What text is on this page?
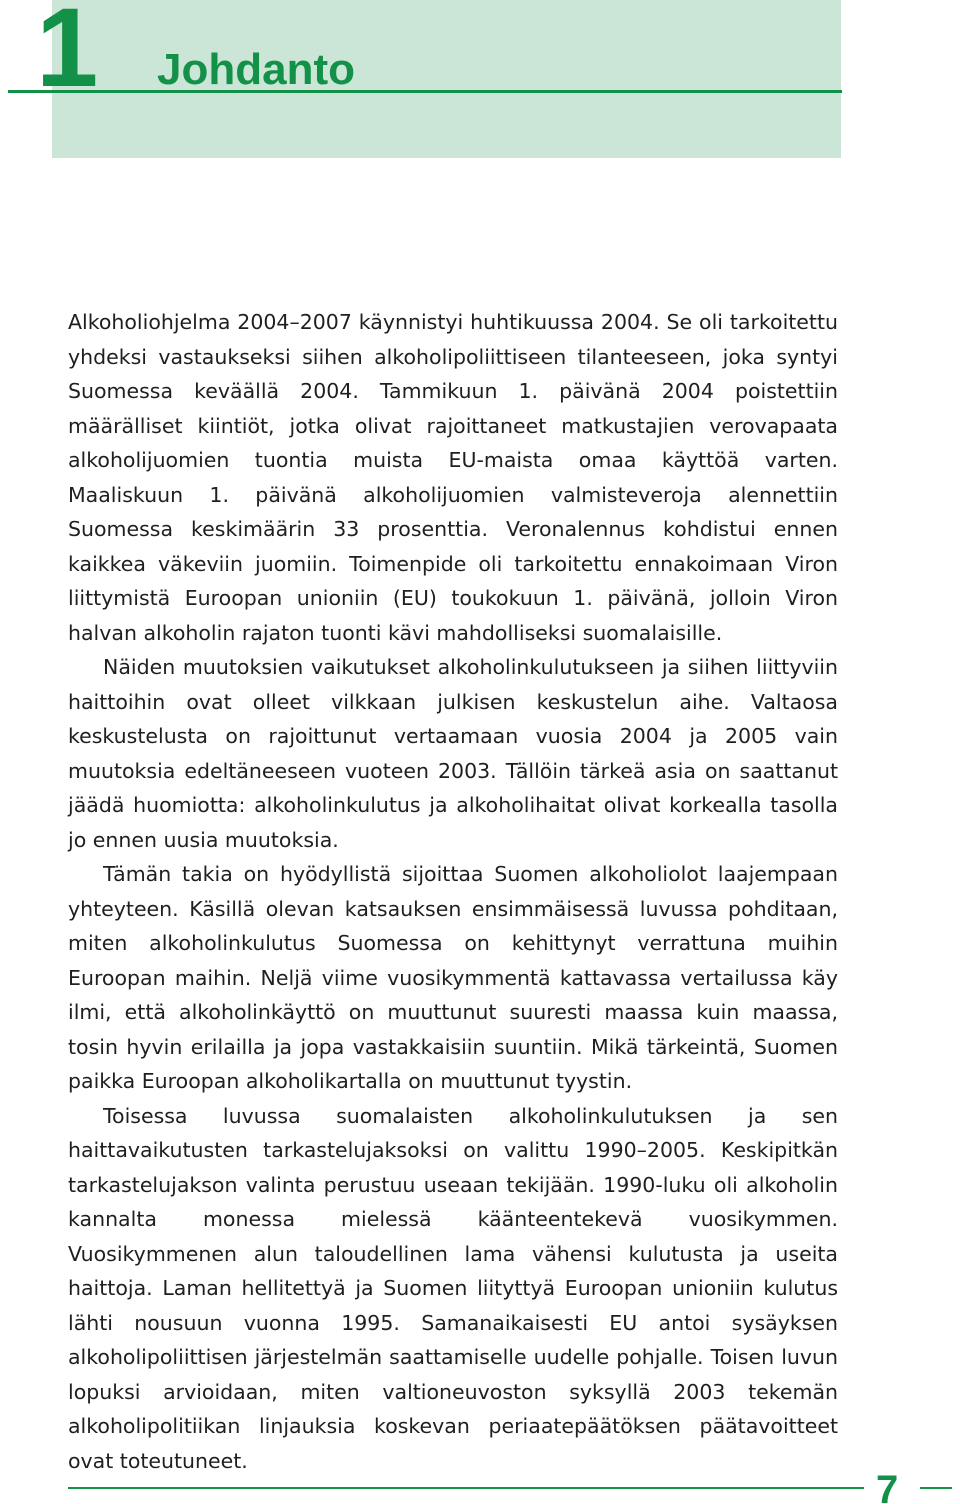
1 Johdanto

Alkoholiohjelma 2004–2007 käynnistyi huhtikuussa 2004. Se oli tarkoitettu yhdeksi vastaukseksi siihen alkoholipoliittiseen tilanteeseen, joka syntyi Suomessa keväällä 2004. Tammikuun 1. päivänä 2004 poistettiin määrälliset kiintiöt, jotka olivat rajoittaneet matkustajien verovapaata alkoholijuomien tuontia muista EU-maista omaa käyttöä varten. Maaliskuun 1. päivänä alkoholijuomien valmisteveroja alennettiin Suomessa keskimäärin 33 prosenttia. Veronalennus kohdistui ennen kaikkea väkeviin juomiin. Toimenpide oli tarkoitettu ennakoimaan Viron liittymistä Euroopan unioniin (EU) toukokuun 1. päivänä, jolloin Viron halvan alkoholin rajaton tuonti kävi mahdolliseksi suomalaisille.

Näiden muutoksien vaikutukset alkoholinkulutukseen ja siihen liittyviin haittoihin ovat olleet vilkkaan julkisen keskustelun aihe. Valtaosa keskustelusta on rajoittunut vertaamaan vuosia 2004 ja 2005 vain muutoksia edeltäneeseen vuoteen 2003. Tällöin tärkeä asia on saattanut jäädä huomiotta: alkoholinkulutus ja alkoholihaitat olivat korkealla tasolla jo ennen uusia muutoksia.

Tämän takia on hyödyllistä sijoittaa Suomen alkoholiolot laajempaan yhteyteen. Käsillä olevan katsauksen ensimmäisessä luvussa pohditaan, miten alkoholinkulutus Suomessa on kehittynyt verrattuna muihin Euroopan maihin. Neljä viime vuosikymmentä kattavassa vertailussa käy ilmi, että alkoholinkäyttö on muuttunut suuresti maassa kuin maassa, tosin hyvin erilailla ja jopa vastakkaisiin suuntiin. Mikä tärkeintä, Suomen paikka Euroopan alkoholikartalla on muuttunut tyystin.

Toisessa luvussa suomalaisten alkoholinkulutuksen ja sen haittavaikutusten tarkastelujaksoksi on valittu 1990–2005. Keskipitkän tarkastelujakson valinta perustuu useaan tekijään. 1990-luku oli alkoholin kannalta monessa mielessä käänteentekevä vuosikymmen. Vuosikymmenen alun taloudellinen lama vähensi kulutusta ja useita haittoja. Laman hellitettyä ja Suomen liityttyä Euroopan unioniin kulutus lähti nousuun vuonna 1995. Samanaikaisesti EU antoi sysäyksen alkoholipoliittisen järjestelmän saattamiselle uudelle pohjalle. Toisen luvun lopuksi arvioidaan, miten valtioneuvoston syksyllä 2003 tekemän alkoholipolitiikan linjauksia koskevan periaatepäätöksen päätavoitteet ovat toteutuneet.

7
